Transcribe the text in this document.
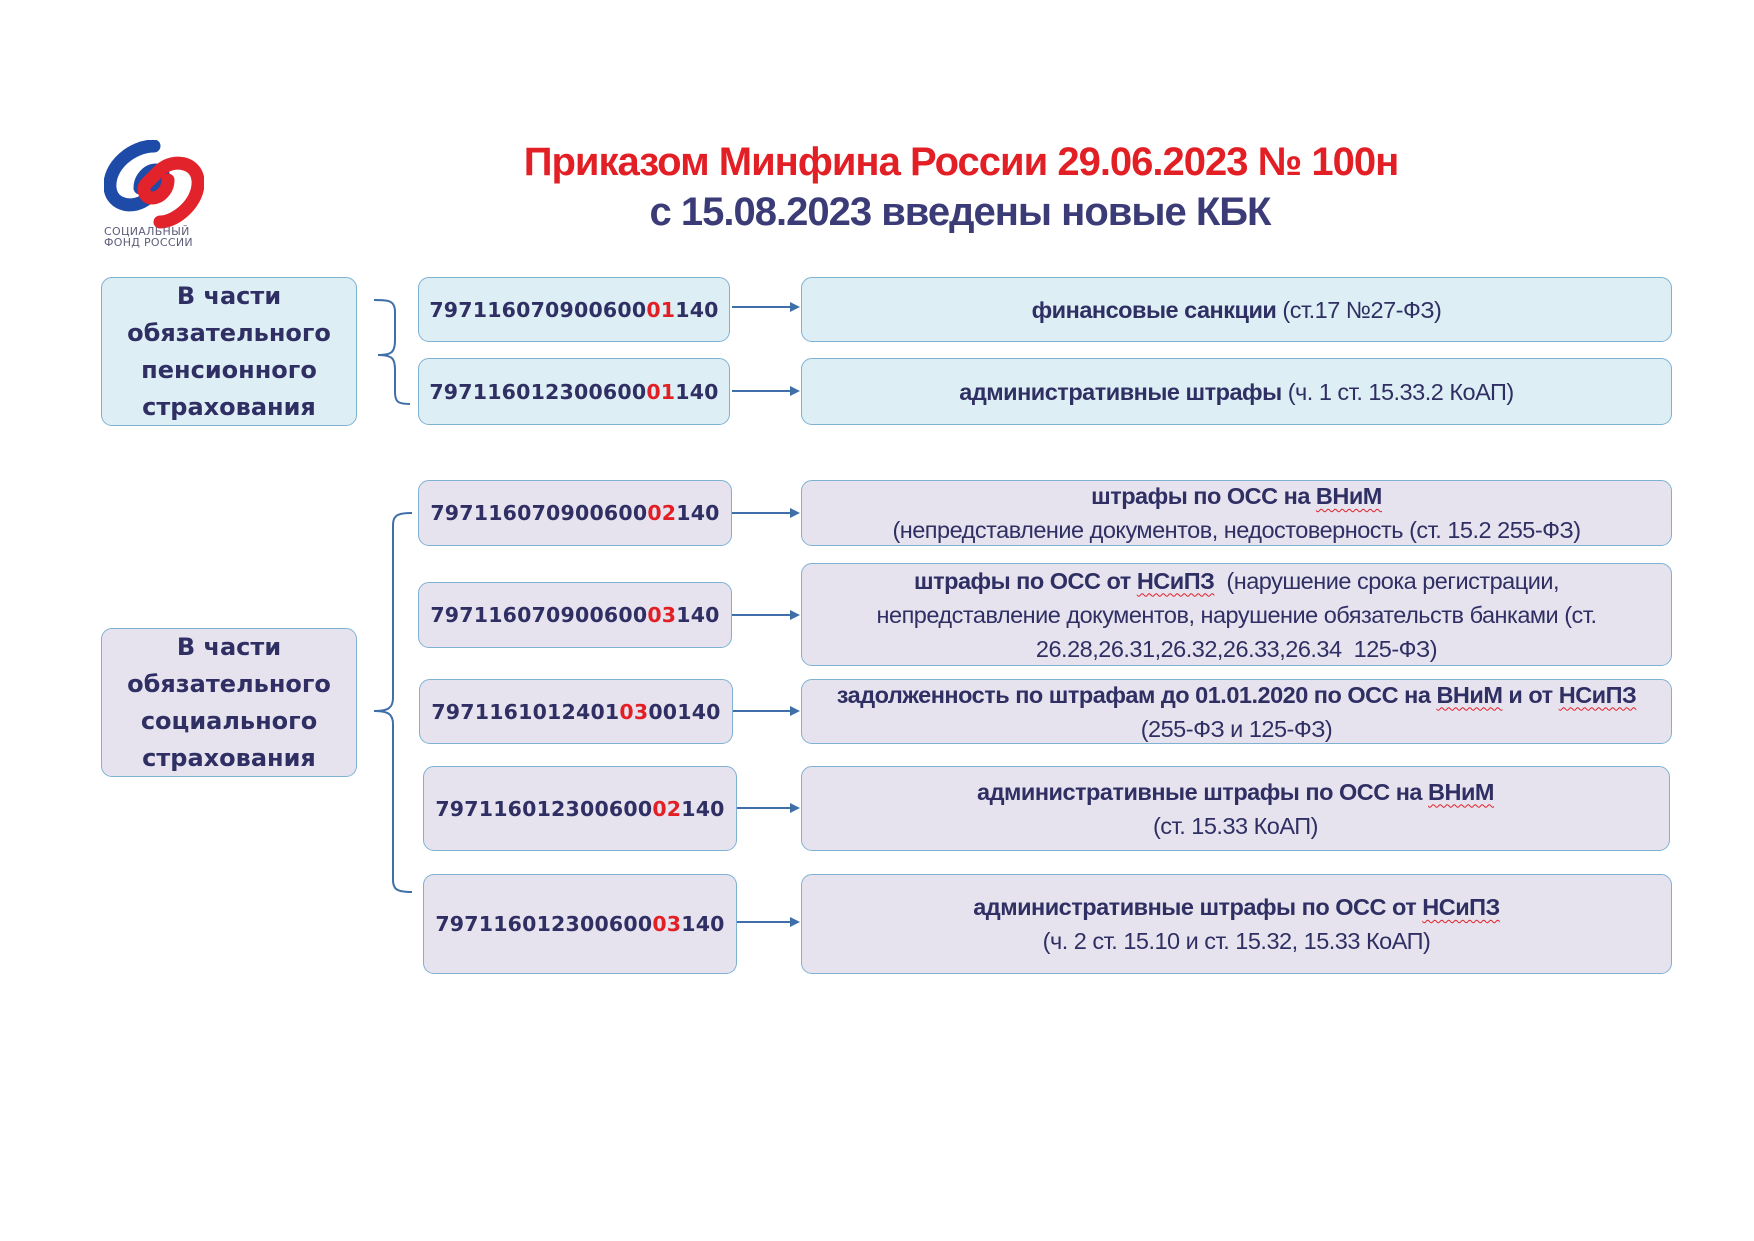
Приказом Минфина России 29.06.2023 № 100н
с 15.08.2023 введены новые КБК
СОЦИАЛЬНЫЙ
ФОНД РОССИИ
В части обязательного пенсионного страхования
В части обязательного социального страхования
797116070900600 01 140
797116012300600 01 140
797116070900600 02 140
797116070900600 03 140
7971161012401 03 00140
797116012300600 02 140
797116012300600 03 140
финансовые санкции (ст.17 №27-ФЗ)
административные штрафы (ч. 1 ст. 15.33.2 КоАП)
штрафы по ОСС на ВНиМ
(непредставление документов, недостоверность (ст. 15.2 255-ФЗ)
штрафы по ОСС от НСиПЗ  (нарушение срока регистрации,
непредставление документов, нарушение обязательств банками (ст.
26.28,26.31,26.32,26.33,26.34  125-ФЗ)
задолженность по штрафам до 01.01.2020 по ОСС на ВНиМ и от НСиПЗ
(255-ФЗ и 125-ФЗ)
административные штрафы по ОСС на ВНиМ
(ст. 15.33 КоАП)
административные штрафы по ОСС от НСиПЗ
(ч. 2 ст. 15.10 и ст. 15.32, 15.33 КоАП)
